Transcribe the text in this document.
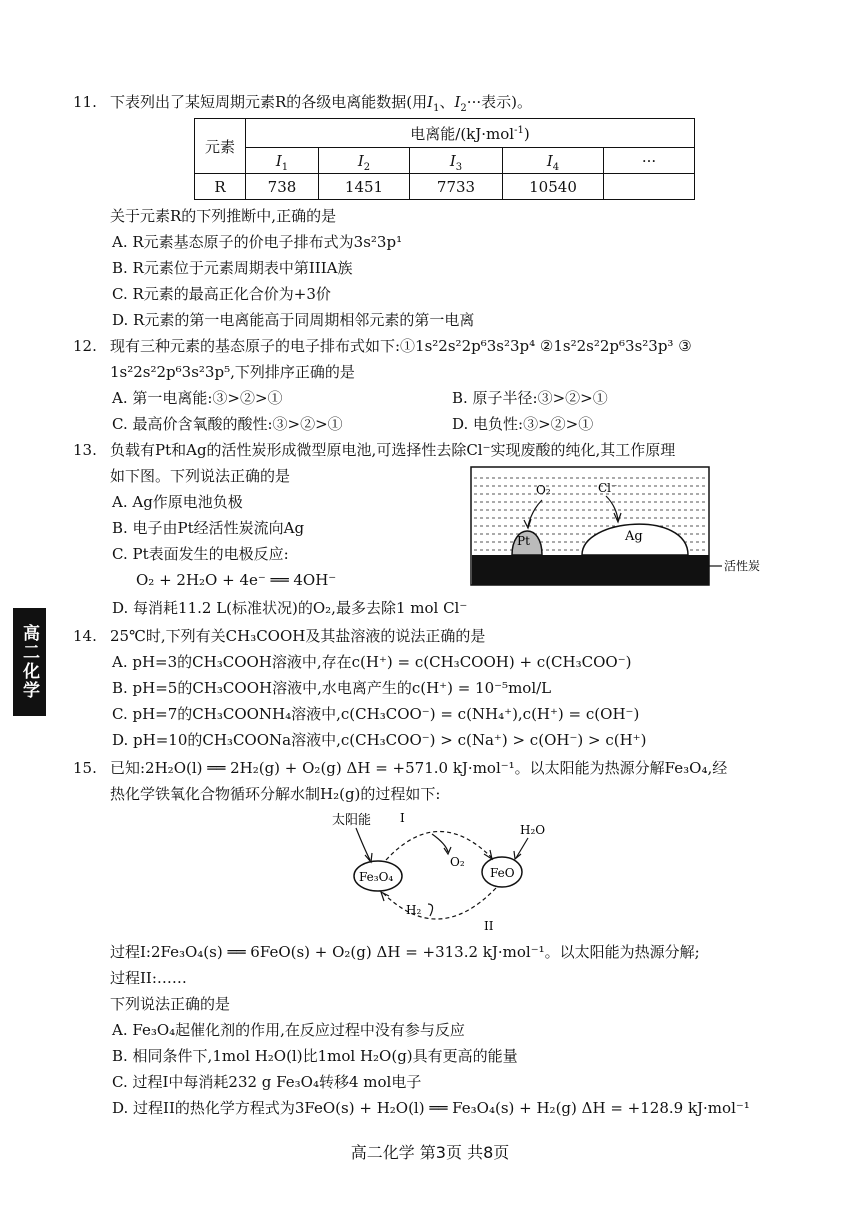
高二化学
11. 下表列出了某短周期元素R的各级电离能数据(用$I_1$、$I_2\cdot\cdot\cdot$表示)。
元素	电离能/(kJ·mol$^{-1}$)				
	$I_1$	$I_2$	$I_3$	$I_4$	···
R	738	1451	7733	10540	
关于元素R的下列推断中,正确的是
A. R元素基态原子的价电子排布式为3s²3p¹
B. R元素位于元素周期表中第IIIA族
C. R元素的最高正化合价为+3价
D. R元素的第一电离能高于同周期相邻元素的第一电离
12. 现有三种元素的基态原子的电子排布式如下:①1s²2s²2p⁶3s²3p⁴ ②1s²2s²2p⁶3s²3p³ ③
1s²2s²2p⁶3s²3p⁵,下列排序正确的是
A. 第一电离能:③>②>①	B. 原子半径:③>②>①
C. 最高价含氧酸的酸性:③>②>①	D. 电负性:③>②>①
13. 负载有Pt和Ag的活性炭形成微型原电池,可选择性去除Cl⁻实现废酸的纯化,其工作原理
如下图。下列说法正确的是
A. Ag作原电池负极
B. 电子由Pt经活性炭流向Ag
C. Pt表面发生的电极反应:
O₂ + 2H₂O + 4e⁻ ══ 4OH⁻
D. 每消耗11.2 L(标准状况)的O₂,最多去除1 mol Cl⁻
Pt	Ag
O₂	Cl⁻
活性炭
14. 25℃时,下列有关CH₃COOH及其盐溶液的说法正确的是
A. pH=3的CH₃COOH溶液中,存在c(H⁺) = c(CH₃COOH) + c(CH₃COO⁻)
B. pH=5的CH₃COOH溶液中,水电离产生的c(H⁺) = 10⁻⁵mol/L
C. pH=7的CH₃COONH₄溶液中,c(CH₃COO⁻) = c(NH₄⁺),c(H⁺) = c(OH⁻)
D. pH=10的CH₃COONa溶液中,c(CH₃COO⁻) > c(Na⁺) > c(OH⁻) > c(H⁺)
15. 已知:2H₂O(l) ══ 2H₂(g) + O₂(g) ΔH = +571.0 kJ·mol⁻¹。以太阳能为热源分解Fe₃O₄,经
热化学铁氧化合物循环分解水制H₂(g)的过程如下:
Fe₃O₄	FeO
太阳能 I
O₂
H₂O
H₂
II
过程I:2Fe₃O₄(s) ══ 6FeO(s) + O₂(g) ΔH = +313.2 kJ·mol⁻¹。以太阳能为热源分解;
过程II:……
下列说法正确的是
A. Fe₃O₄起催化剂的作用,在反应过程中没有参与反应
B. 相同条件下,1mol H₂O(l)比1mol H₂O(g)具有更高的能量
C. 过程I中每消耗232 g Fe₃O₄转移4 mol电子
D. 过程II的热化学方程式为3FeO(s) + H₂O(l) ══ Fe₃O₄(s) + H₂(g) ΔH = +128.9 kJ·mol⁻¹
高二化学 第3页 共8页
